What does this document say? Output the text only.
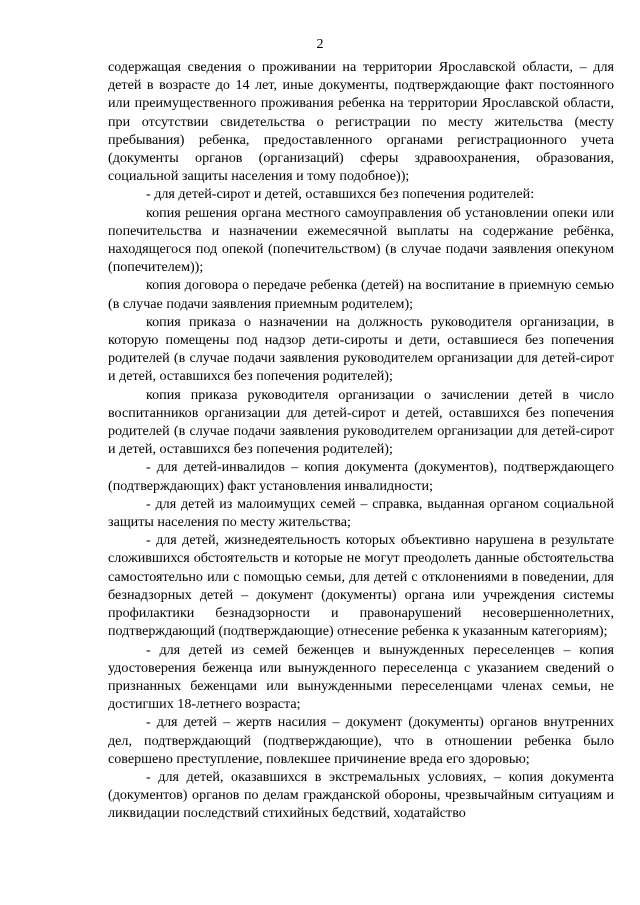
2

содержащая сведения о проживании на территории Ярославской области, – для детей в возрасте до 14 лет, иные документы, подтверждающие факт постоянного или преимущественного проживания ребенка на территории Ярославской области, при отсутствии свидетельства о регистрации по месту жительства (месту пребывания) ребенка, предоставленного органами регистрационного учета (документы органов (организаций) сферы здравоохранения, образования, социальной защиты населения и тому подобное));

- для детей-сирот и детей, оставшихся без попечения родителей:

копия решения органа местного самоуправления об установлении опеки или попечительства и назначении ежемесячной выплаты на содержание ребёнка, находящегося под опекой (попечительством) (в случае подачи заявления опекуном (попечителем));

копия договора о передаче ребенка (детей) на воспитание в приемную семью (в случае подачи заявления приемным родителем);

копия приказа о назначении на должность руководителя организации, в которую помещены под надзор дети-сироты и дети, оставшиеся без попечения родителей (в случае подачи заявления руководителем организации для детей-сирот и детей, оставшихся без попечения родителей);

копия приказа руководителя организации о зачислении детей в число воспитанников организации для детей-сирот и детей, оставшихся без попечения родителей (в случае подачи заявления руководителем организации для детей-сирот и детей, оставшихся без попечения родителей);

- для детей-инвалидов – копия документа (документов), подтверждающего (подтверждающих) факт установления инвалидности;

- для детей из малоимущих семей – справка, выданная органом социальной защиты населения по месту жительства;

- для детей, жизнедеятельность которых объективно нарушена в результате сложившихся обстоятельств и которые не могут преодолеть данные обстоятельства самостоятельно или с помощью семьи, для детей с отклонениями в поведении, для безнадзорных детей – документ (документы) органа или учреждения системы профилактики безнадзорности и правонарушений несовершеннолетних, подтверждающий (подтверждающие) отнесение ребенка к указанным категориям);

- для детей из семей беженцев и вынужденных переселенцев – копия удостоверения беженца или вынужденного переселенца с указанием сведений о признанных беженцами или вынужденными переселенцами членах семьи, не достигших 18-летнего возраста;

- для детей – жертв насилия – документ (документы) органов внутренних дел, подтверждающий (подтверждающие), что в отношении ребенка было совершено преступление, повлекшее причинение вреда его здоровью;

- для детей, оказавшихся в экстремальных условиях, – копия документа (документов) органов по делам гражданской обороны, чрезвычайным ситуациям и ликвидации последствий стихийных бедствий, ходатайство
